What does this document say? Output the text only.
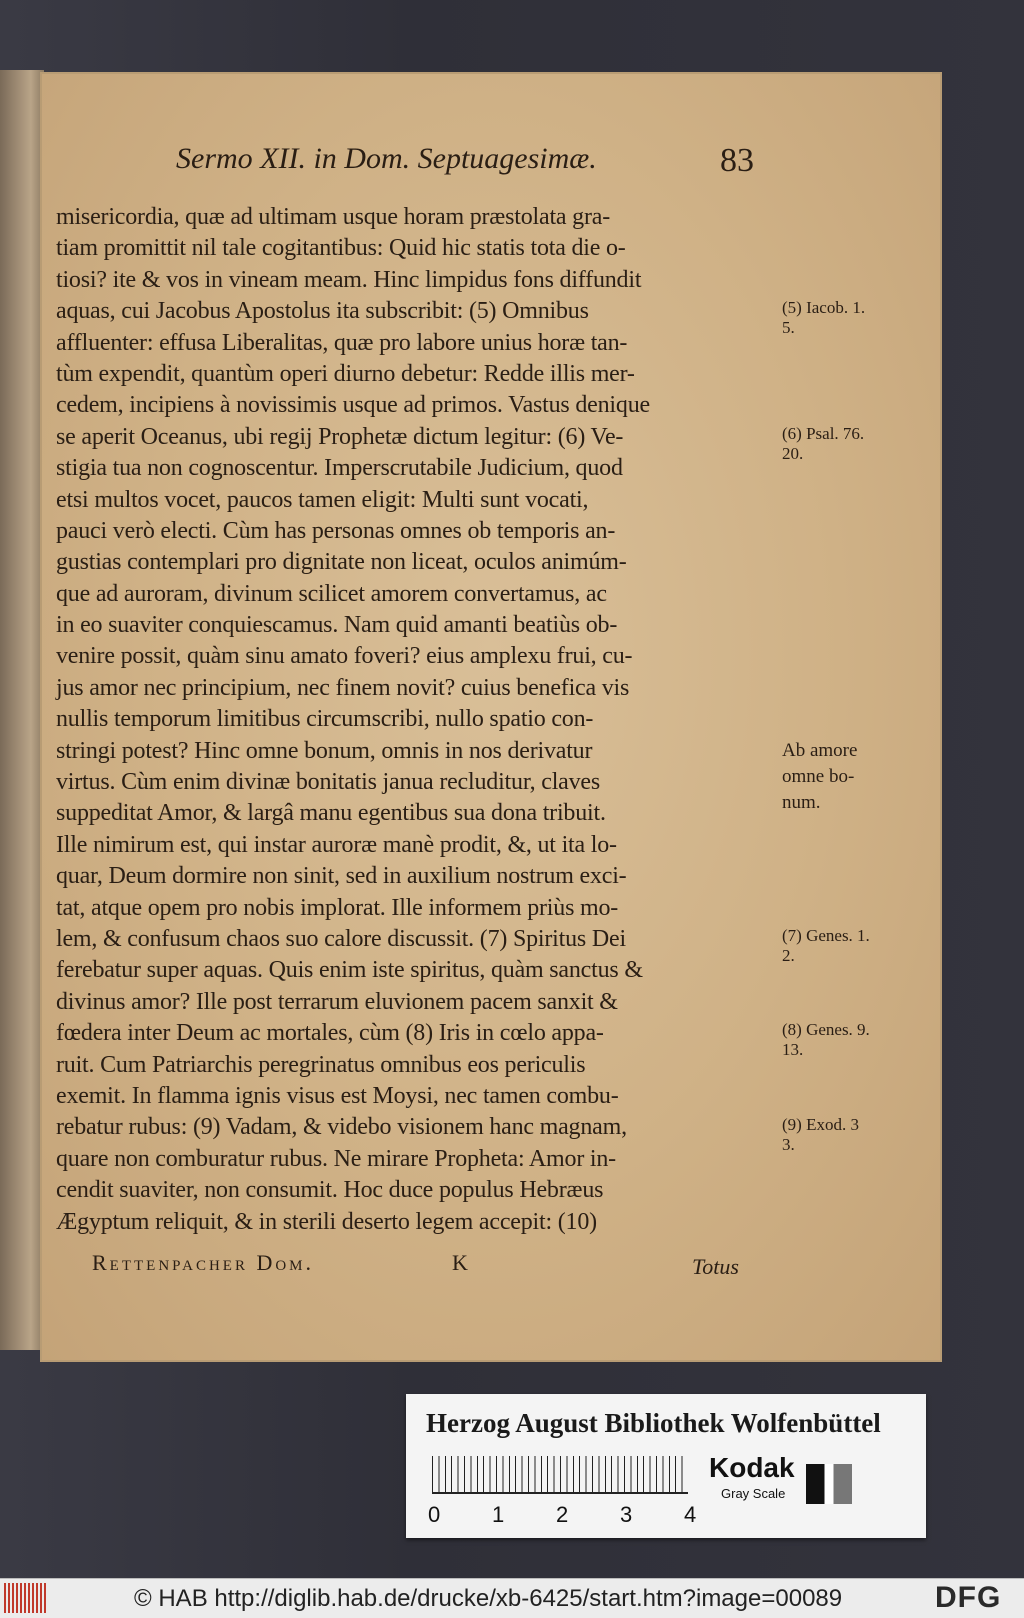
Sermo XII. in Dom. Septuagesimæ.	83
misericordia, quæ ad ultimam usque horam præstolata gra-
tiam promittit nil tale cogitantibus: Quid hic statis tota die o-
tiosi? ite & vos in vineam meam. Hinc limpidus fons diffundit
aquas, cui Jacobus Apostolus ita subscribit: (5) Omnibus
affluenter: effusa Liberalitas, quæ pro labore unius horæ tan-
tùm expendit, quantùm operi diurno debetur: Redde illis mer-
cedem, incipiens à novissimis usque ad primos. Vastus denique
se aperit Oceanus, ubi regij Prophetæ dictum legitur: (6) Ve-
stigia tua non cognoscentur. Imperscrutabile Judicium, quod
etsi multos vocet, paucos tamen eligit: Multi sunt vocati,
pauci verò electi. Cùm has personas omnes ob temporis an-
gustias contemplari pro dignitate non liceat, oculos animúm-
que ad auroram, divinum scilicet amorem convertamus, ac
in eo suaviter conquiescamus. Nam quid amanti beatiùs ob-
venire possit, quàm sinu amato foveri? eius amplexu frui, cu-
jus amor nec principium, nec finem novit? cuius benefica vis
nullis temporum limitibus circumscribi, nullo spatio con-
stringi potest? Hinc omne bonum, omnis in nos derivatur
virtus. Cùm enim divinæ bonitatis janua recluditur, claves
suppeditat Amor, & largâ manu egentibus sua dona tribuit.
Ille nimirum est, qui instar auroræ manè prodit, &, ut ita lo-
quar, Deum dormire non sinit, sed in auxilium nostrum exci-
tat, atque opem pro nobis implorat. Ille informem priùs mo-
lem, & confusum chaos suo calore discussit. (7) Spiritus Dei
ferebatur super aquas. Quis enim iste spiritus, quàm sanctus &
divinus amor? Ille post terrarum eluvionem pacem sanxit &
fœdera inter Deum ac mortales, cùm (8) Iris in cœlo appa-
ruit. Cum Patriarchis peregrinatus omnibus eos periculis
exemit. In flamma ignis visus est Moysi, nec tamen combu-
rebatur rubus: (9) Vadam, & videbo visionem hanc magnam,
quare non comburatur rubus. Ne mirare Propheta: Amor in-
cendit suaviter, non consumit. Hoc duce populus Hebræus
Ægyptum reliquit, & in sterili deserto legem accepit: (10)
(5) Iacob. 1.
5.
(6) Psal. 76.
20.
Ab amore
omne bo-
num.
(7) Genes. 1.
2.
(8) Genes. 9.
13.
(9) Exod. 3
3.
Rettenpacher Dom.	K	Totus
Herzog August Bibliothek Wolfenbüttel
0 1 2 3 4
Kodak
Gray Scale
© HAB http://diglib.hab.de/drucke/xb-6425/start.htm?image=00089	DFG
